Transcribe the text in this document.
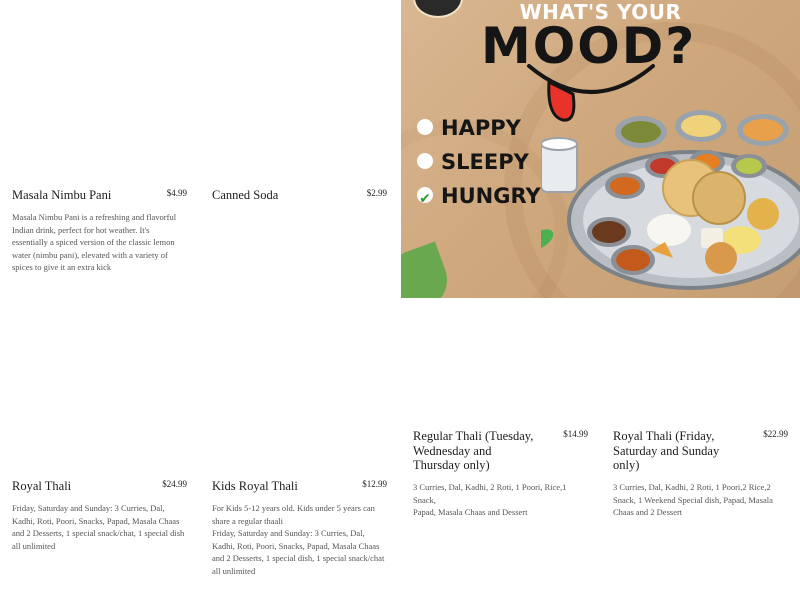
Masala Nimbu Pani	$4.99
Masala Nimbu Pani is a refreshing and flavorful
Indian drink, perfect for hot weather. It's
essentially a spiced version of the classic lemon
water (nimbu pani), elevated with a variety of
spices to give it an extra kick
Canned Soda	$2.99
Royal Thali	$24.99
Friday, Saturday and Sunday: 3 Curries, Dal,
Kadhi, Roti, Poori, Snacks, Papad, Masala Chaas
and 2 Desserts, 1 special snack/chat, 1 special dish
all unlimited
Kids Royal Thali	$12.99
For Kids 5-12 years old. Kids under 5 years can
share a regular thaali
Friday, Saturday and Sunday: 3 Curries, Dal,
Kadhi, Roti, Poori, Snacks, Papad, Masala Chaas
and 2 Desserts, 1 special dish, 1 special snack/chat
all unlimited
Regular Thali (Tuesday,
Wednesday and
Thursday only)
$14.99
3 Curries, Dal, Kadhi, 2 Roti, 1 Poori, Rice,1 Snack,
Papad, Masala Chaas and Dessert
Royal Thali (Friday,
Saturday and Sunday
only)
$22.99
3 Curries, Dal, Kadhi, 2 Roti, 1 Poori,2 Rice,2
Snack, 1 Weekend Special dish, Papad, Masala
Chaas and 2 Dessert
WHAT'S YOUR
MOOD?
HAPPY
SLEEPY
✔ HUNGRY
